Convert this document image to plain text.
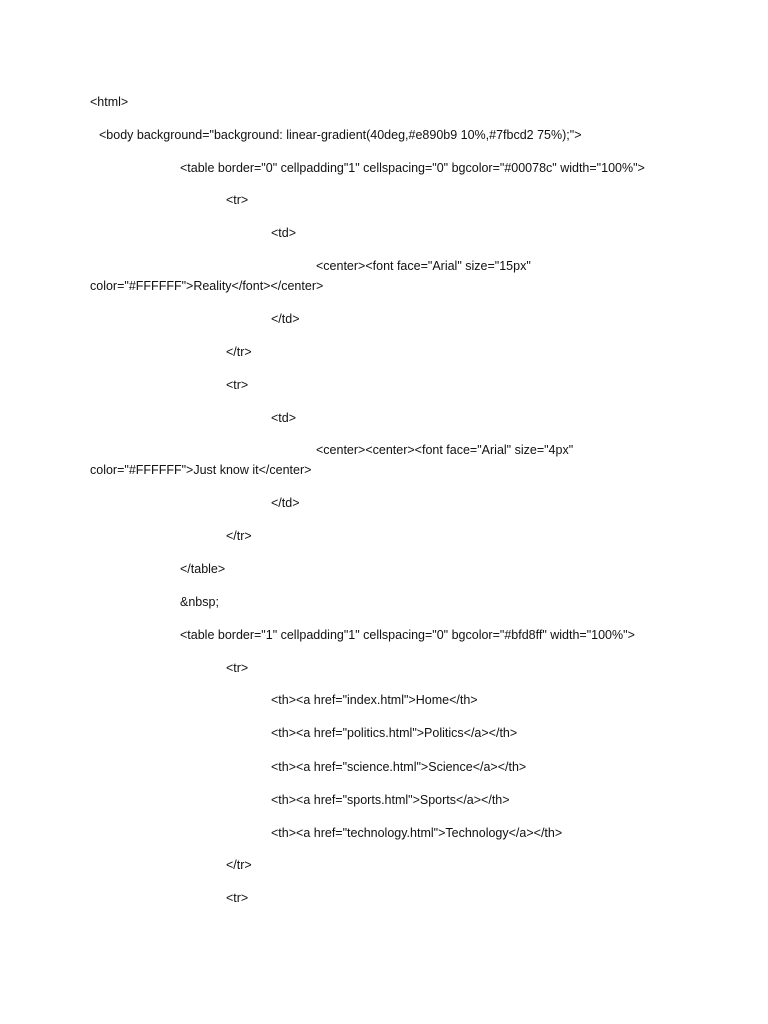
<html>
<body background="background: linear-gradient(40deg,#e890b9 10%,#7fbcd2 75%);">
<table border="0" cellpadding"1" cellspacing="0" bgcolor="#00078c" width="100%">
<tr>
<td>
<center><font face="Arial" size="15px"
color="#FFFFFF">Reality</font></center>
</td>
</tr>
<tr>
<td>
<center><center><font face="Arial" size="4px"
color="#FFFFFF">Just know it</center>
</td>
</tr>
</table>
&nbsp;
<table border="1" cellpadding"1" cellspacing="0" bgcolor="#bfd8ff" width="100%">
<tr>
<th><a href="index.html">Home</th>
<th><a href="politics.html">Politics</a></th>
<th><a href="science.html">Science</a></th>
<th><a href="sports.html">Sports</a></th>
<th><a href="technology.html">Technology</a></th>
</tr>
<tr>
